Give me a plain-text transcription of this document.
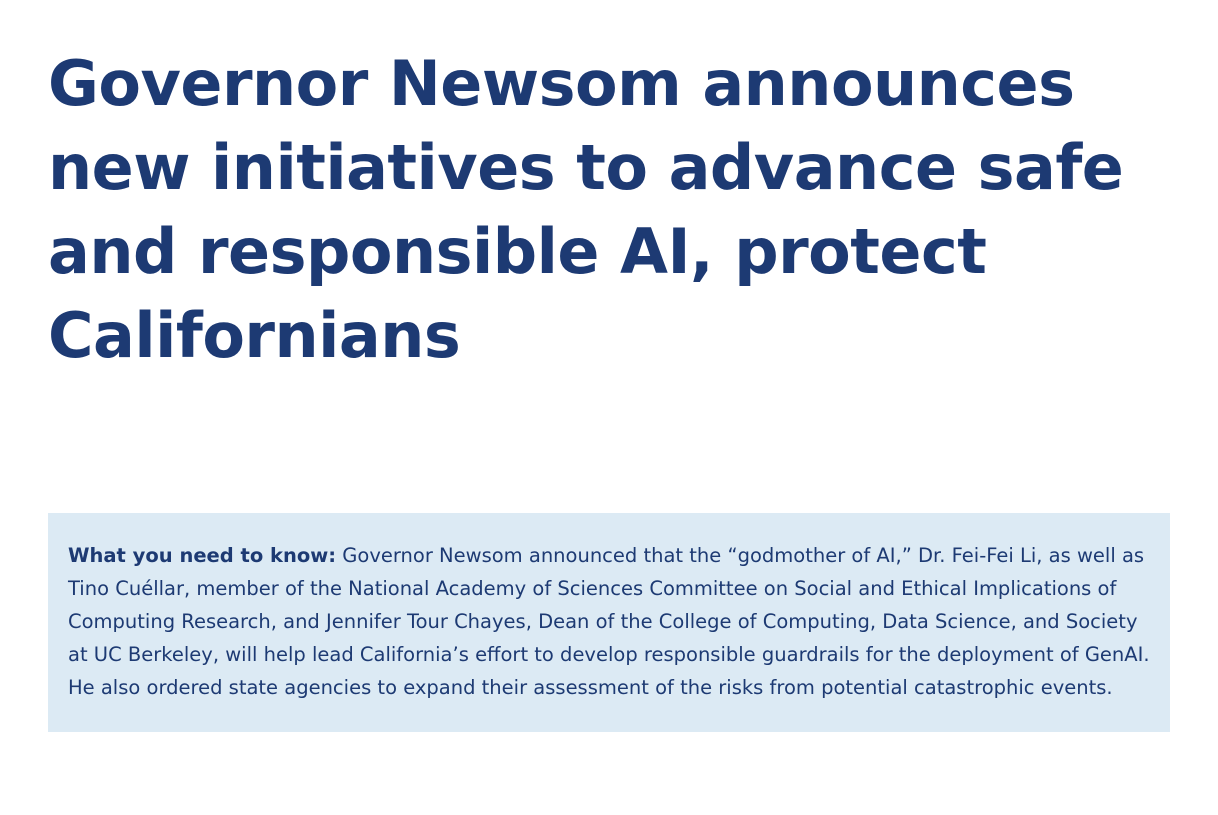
Governor Newsom announces new initiatives to advance safe and responsible AI, protect Californians

What you need to know: Governor Newsom announced that the “godmother of AI,” Dr. Fei-Fei Li, as well as Tino Cuéllar, member of the National Academy of Sciences Committee on Social and Ethical Implications of Computing Research, and Jennifer Tour Chayes, Dean of the College of Computing, Data Science, and Society at UC Berkeley, will help lead California’s effort to develop responsible guardrails for the deployment of GenAI. He also ordered state agencies to expand their assessment of the risks from potential catastrophic events.
